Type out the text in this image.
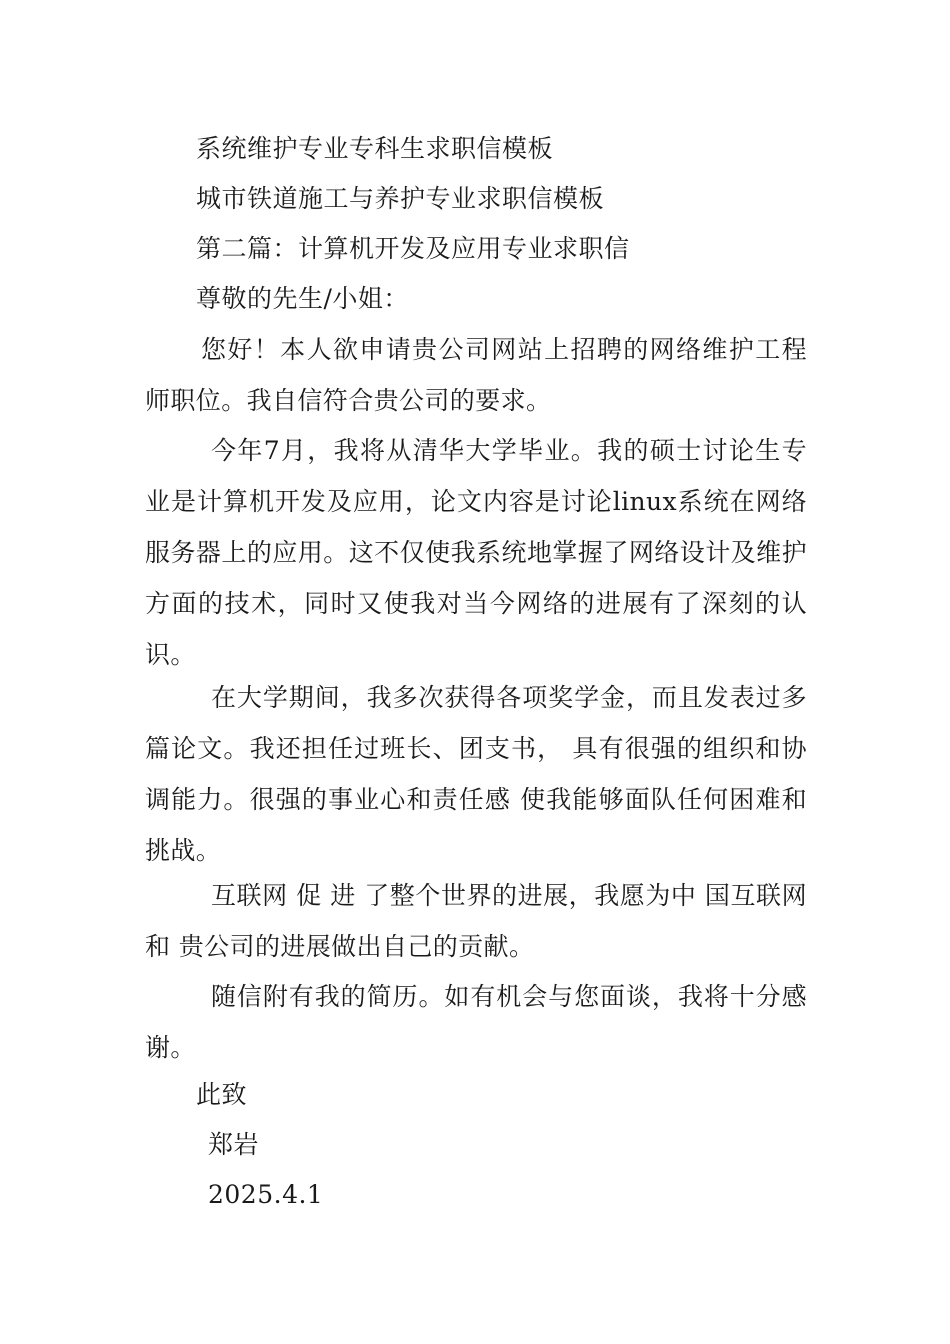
系统维护专业专科生求职信模板

城市铁道施工与养护专业求职信模板

第二篇：计算机开发及应用专业求职信

尊敬的先生/小姐：

您好！本人欲申请贵公司网站上招聘的网络维护工程师职位。我自信符合贵公司的要求。

今年7月，我将从清华大学毕业。我的硕士讨论生专业是计算机开发及应用，论文内容是讨论linux系统在网络服务器上的应用。这不仅使我系统地掌握了网络设计及维护方面的技术，同时又使我对当今网络的进展有了深刻的认识。

在大学期间，我多次获得各项奖学金，而且发表过多篇论文。我还担任过班长、团支书， 具有很强的组织和协调能力。很强的事业心和责任感 使我能够面队任何困难和挑战。

互联网 促 进 了整个世界的进展，我愿为中 国互联网和 贵公司的进展做出自己的贡献。

随信附有我的简历。如有机会与您面谈，我将十分感谢。

此致

郑岩

2025.4.1
